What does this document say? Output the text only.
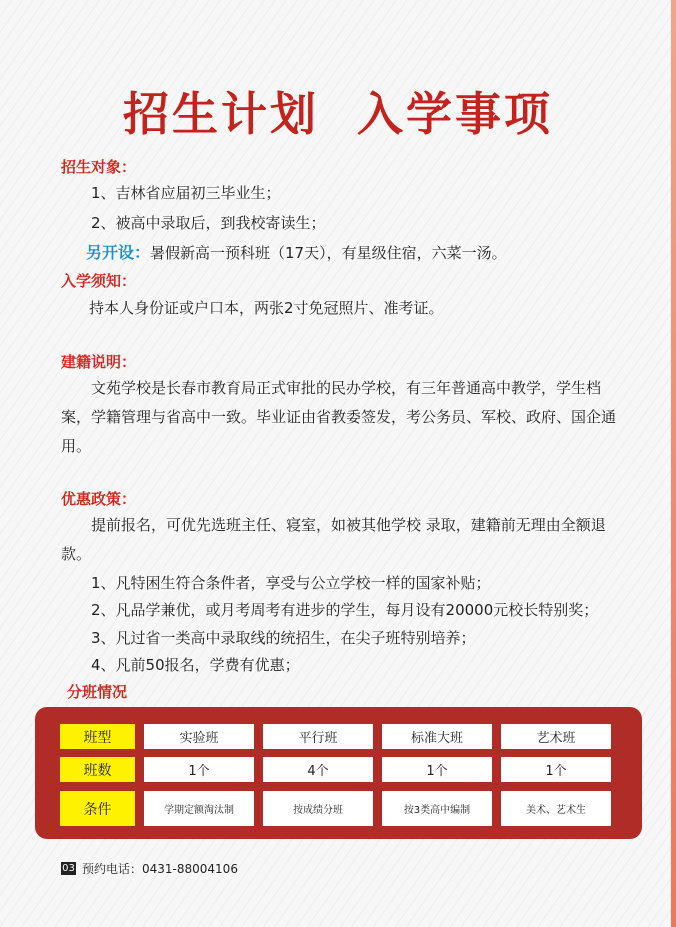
招生计划  入学事项
招生对象：
1、吉林省应届初三毕业生；
2、被高中录取后，到我校寄读生；
另开设：暑假新高一预科班（17天），有星级住宿，六菜一汤。
入学须知：
持本人身份证或户口本，两张2寸免冠照片、准考证。
建籍说明：
文苑学校是长春市教育局正式审批的民办学校，有三年普通高中教学，学生档案，学籍管理与省高中一致。毕业证由省教委签发，考公务员、军校、政府、国企通用。
优惠政策：
提前报名，可优先选班主任、寝室，如被其他学校 录取，建籍前无理由全额退款。
1、凡特困生符合条件者，享受与公立学校一样的国家补贴；
2、凡品学兼优，或月考周考有进步的学生，每月设有20000元校长特别奖；
3、凡过省一类高中录取线的统招生，在尖子班特别培养；
4、凡前50报名，学费有优惠；
分班情况
班型	实验班	平行班	标准大班	艺术班
班数	1个	4个	1个	1个
条件	学期定额淘汰制	按成绩分班	按3类高中编制	美术、艺术生
03 预约电话：0431-88004106
